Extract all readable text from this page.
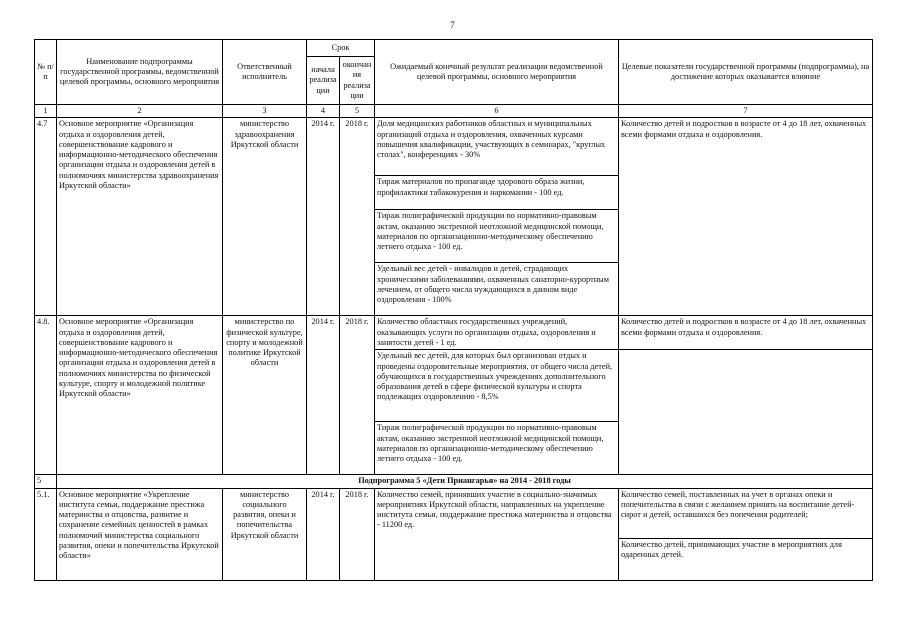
7
№ п/п	Наименование подпрограммы государственной программы, ведомственной целевой программы, основного мероприятия	Ответственный исполнитель	Срок		Ожидаемый конечный результат реализации ведомственной целевой программы, основного мероприятия	Целевые показатели государственной программы (подпрограммы), на достижение которых оказывается влияние
			начала реализации	окончания реализации		
1	2	3	4	5	6	7
4.7	Основное мероприятие «Организация отдыха и оздоровления детей, совершенствование кадрового и информационно-методического обеспечения организации отдыха и оздоровления детей в полномочиях министерства здравоохранения Иркутской области»	министерство здравоохранения Иркутской области	2014 г.	2018 г.	Доля медицинских работников областных и муниципальных организаций отдыха и оздоровления, охваченных курсами повышения квалификации, участвующих в семинарах, "круглых столах", конференциях - 30%	Количество детей и подростков в возрасте от 4 до 18 лет, охваченных всеми формами отдыха и оздоровления.
					Тираж материалов по пропаганде здорового образа жизни, профилактики табакокурения и наркомании - 100 ед.	
					Тираж полиграфической продукции по нормативно-правовым актам, оказанию экстренной неотложной медицинской помощи, материалов по организационно-методическому обеспечению летнего отдыха - 100 ед.	
					Удельный вес детей - инвалидов и детей, страдающих хроническими заболеваниями, охваченных санаторно-курортным лечением, от общего числа нуждающихся в данном виде оздоровления - 100%	
4.8.	Основное мероприятие «Организация отдыха и оздоровления детей, совершенствование кадрового и информационно-методического обеспечения организации отдыха и оздоровления детей в полномочиях министерства по физической культуре, спорту и молодежной политике Иркутской области»	министерство по физической культуре, спорту и молодежной политике Иркутской области	2014 г.	2018 г.	Количество областных государственных учреждений, оказывающих услуги по организации отдыха, оздоровления и занятости детей - 1 ед.	Количество детей и подростков в возрасте от 4 до 18 лет, охваченных всеми формами отдыха и оздоровления.
					Удельный вес детей, для которых был организован отдых и проведены оздоровительные мероприятия, от общего числа детей, обучающихся в государственных учреждениях дополнительного образования детей в сфере физической культуры и спорта подлежащих оздоровлению - 8,5%	
					Тираж полиграфической продукции по нормативно-правовым актам, оказанию экстренной неотложной медицинской помощи, материалов по организационно-методическому обеспечению летнего отдыха - 100 ед.	
5	Подпрограмма 5 «Дети Приангарья» на 2014 - 2018 годы					
5.1.	Основное мероприятие «Укрепление института семьи, поддержание престижа материнства и отцовства, развитие и сохранение семейных ценностей в рамках полномочий министерства социального развития, опеки и попечительства Иркутской области»	министерство социального развития, опеки и попечительства Иркутской области	2014 г.	2018 г.	Количество семей, принявших участие в социально-значимых мероприятиях Иркутской области, направленных на укрепление института семьи, поддержание престижа материнства и отцовства - 11200 ед.	Количество семей, поставленных на учет в органах опеки и попечительства в связи с желанием принять на воспитание детей-сирот и детей, оставшихся без попечения родителей;
						Количество детей, принимающих участие в мероприятиях для одаренных детей.
